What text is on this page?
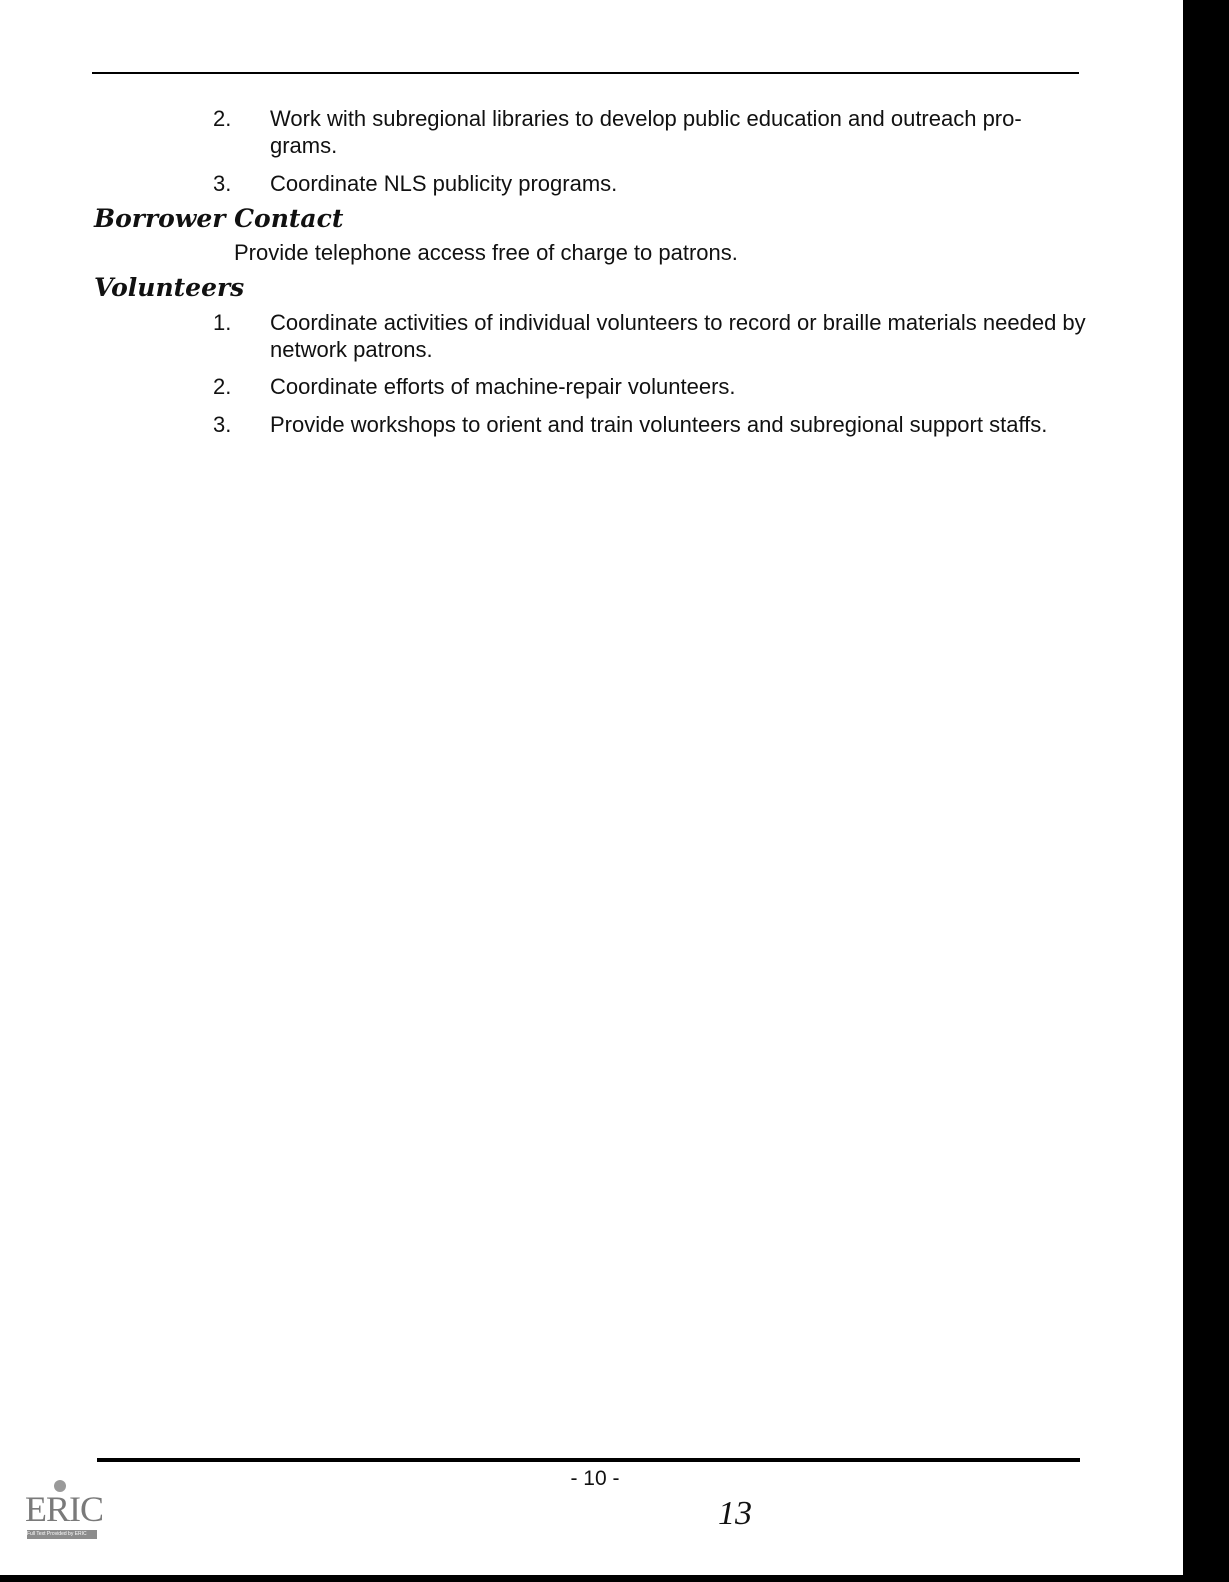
2.	Work with subregional libraries to develop public education and outreach pro- grams.
3.	Coordinate NLS publicity programs.
Borrower Contact
Provide telephone access free of charge to patrons.
Volunteers
1.	Coordinate activities of individual volunteers to record or braille materials needed by network patrons.
2.	Coordinate efforts of machine-repair volunteers.
3.	Provide workshops to orient and train volunteers and subregional support staffs.
- 10 -
13
ERIC
Full Text Provided by ERIC
